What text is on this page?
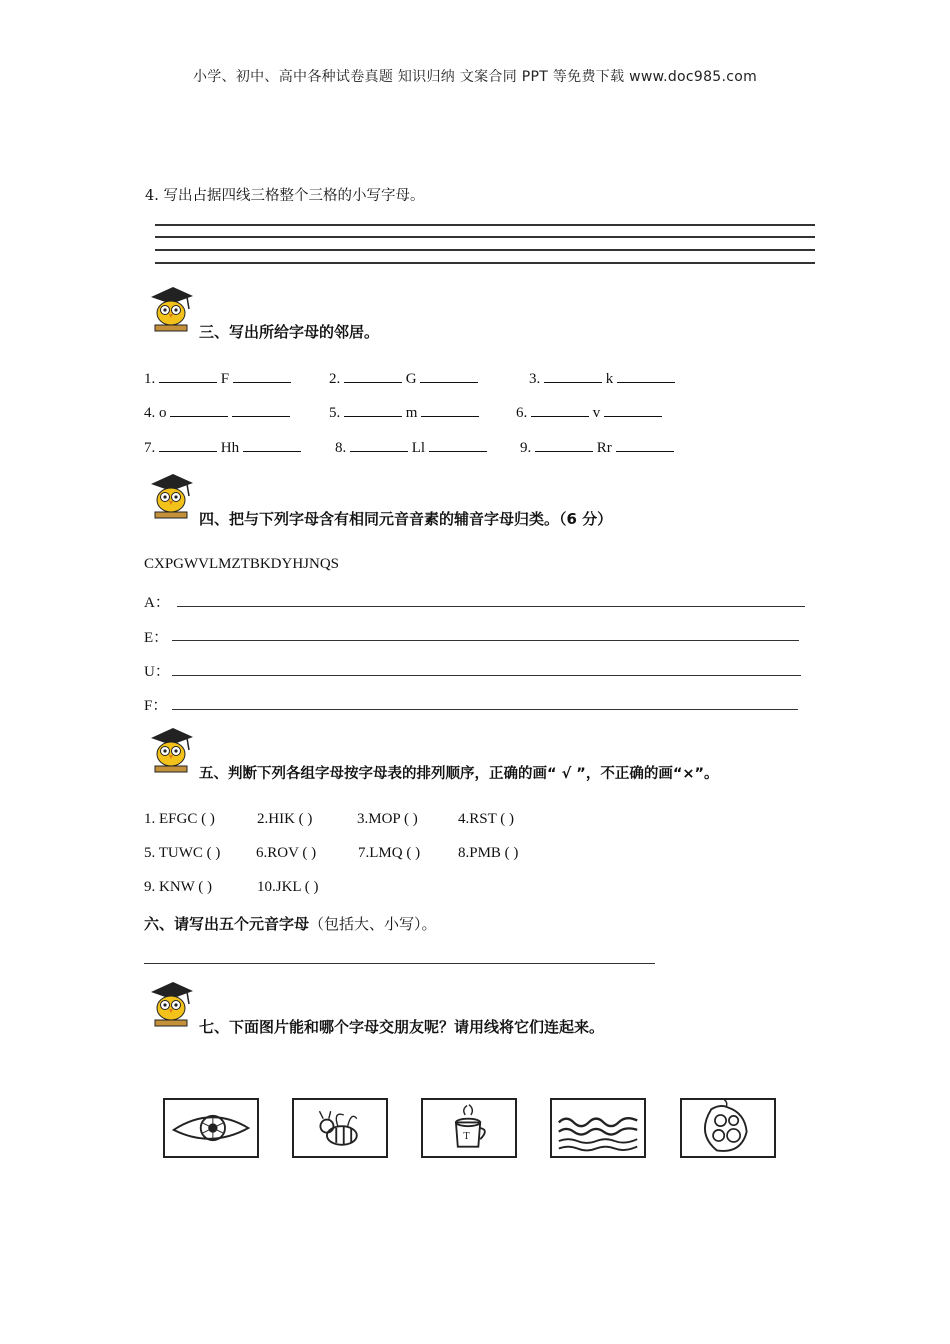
小学、初中、高中各种试卷真题 知识归纳 文案合同 PPT 等免费下载 www.doc985.com
4. 写出占据四线三格整个三格的小写字母。
三、写出所给字母的邻居。
1.	F	2.	G	3.	k
4. o	5.	m	6.	v
7.	Hh	8.	Ll	9.	Rr
四、把与下列字母含有相同元音音素的辅音字母归类。（6 分）
CXPGWVLMZTBKDYHJNQS
A：
E：
U：
F：
五、判断下列各组字母按字母表的排列顺序，正确的画“ √ ”，不正确的画“×”。
1. EFGC ( )	2.HIK ( )	3.MOP ( )	4.RST ( )
5. TUWC ( ) 6.ROV ( )	7.LMQ ( )	8.PMB ( )
9. KNW ( )	10.JKL ( )
六、请写出五个元音字母（包括大、小写）。
七、下面图片能和哪个字母交朋友呢？请用线将它们连起来。
T
